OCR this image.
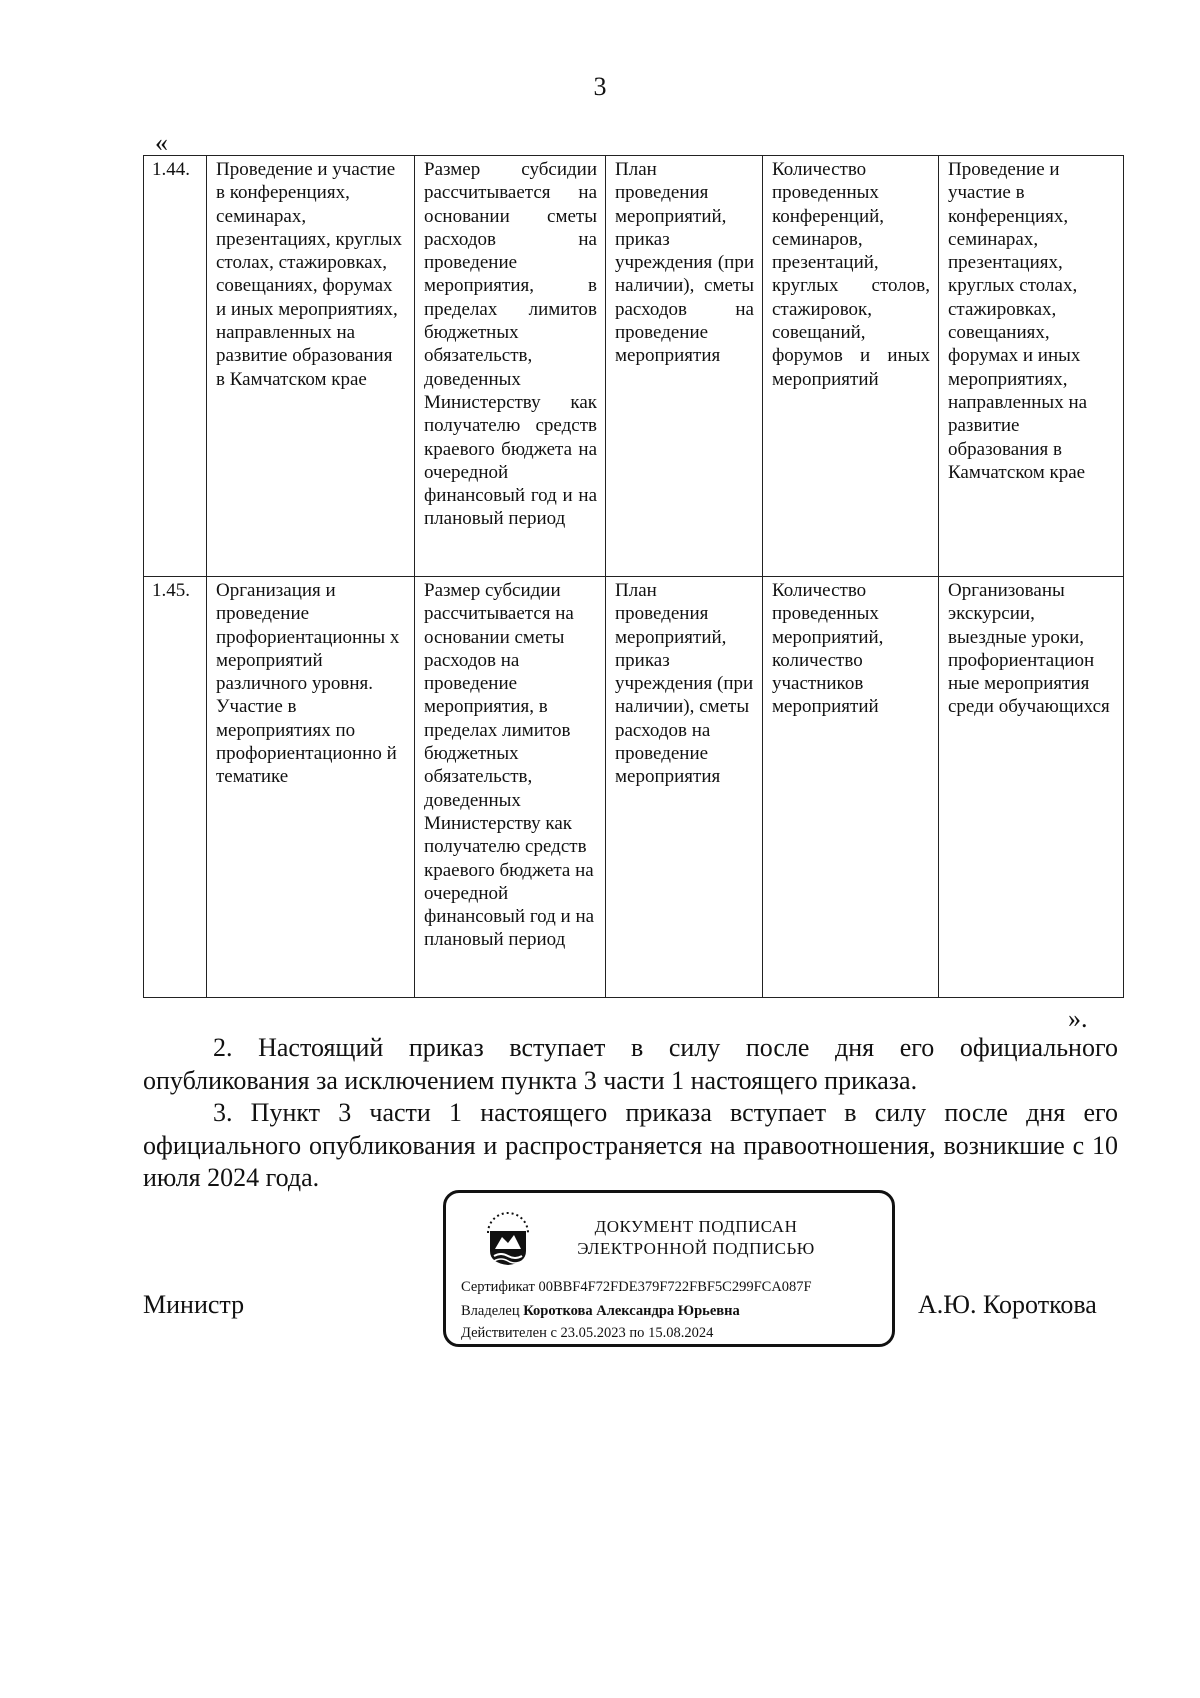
3
«
1.44.	Проведение и участие в конференциях, семинарах, презентациях, круглых столах, стажировках, совещаниях, форумах и иных мероприятиях, направленных на развитие образования в Камчатском крае	Размер субсидии рассчитывается на основании сметы расходов на проведение мероприятия, в пределах лимитов бюджетных обязательств, доведенных Министерству как получателю средств краевого бюджета на очередной финансовый год и на плановый период	План проведения мероприятий, приказ учреждения (при наличии), сметы расходов на проведение мероприятия	Количество проведенных конференций, семинаров, презентаций, круглых столов, стажировок, совещаний, форумов и иных мероприятий	Проведение и участие в конференциях, семинарах, презентациях, круглых столах, стажировках, совещаниях, форумах и иных мероприятиях, направленных на развитие образования в Камчатском крае
1.45.	Организация и проведение профориентационны х мероприятий различного уровня. Участие в мероприятиях по профориентационно й тематике	Размер субсидии рассчитывается на основании сметы расходов на проведение мероприятия, в пределах лимитов бюджетных обязательств, доведенных Министерству как получателю средств краевого бюджета на очередной финансовый год и на плановый период	План проведения мероприятий, приказ учреждения (при наличии), сметы расходов на проведение мероприятия	Количество проведенных мероприятий, количество участников мероприятий	Организованы экскурсии, выездные уроки, профориентацион ные мероприятия среди обучающихся
».

2. Настоящий приказ вступает в силу после дня его официального опубликования за исключением пункта 3 части 1 настоящего приказа.

3. Пункт 3 части 1 настоящего приказа вступает в силу после дня его официального опубликования и распространяется на правоотношения, возникшие с 10 июля 2024 года.

Министр
ДОКУМЕНТ ПОДПИСАН
ЭЛЕКТРОННОЙ ПОДПИСЬЮ
Сертификат 00BBF4F72FDE379F722FBF5C299FCA087F
Владелец Короткова Александра Юрьевна
Действителен с 23.05.2023 по 15.08.2024
А.Ю. Короткова
